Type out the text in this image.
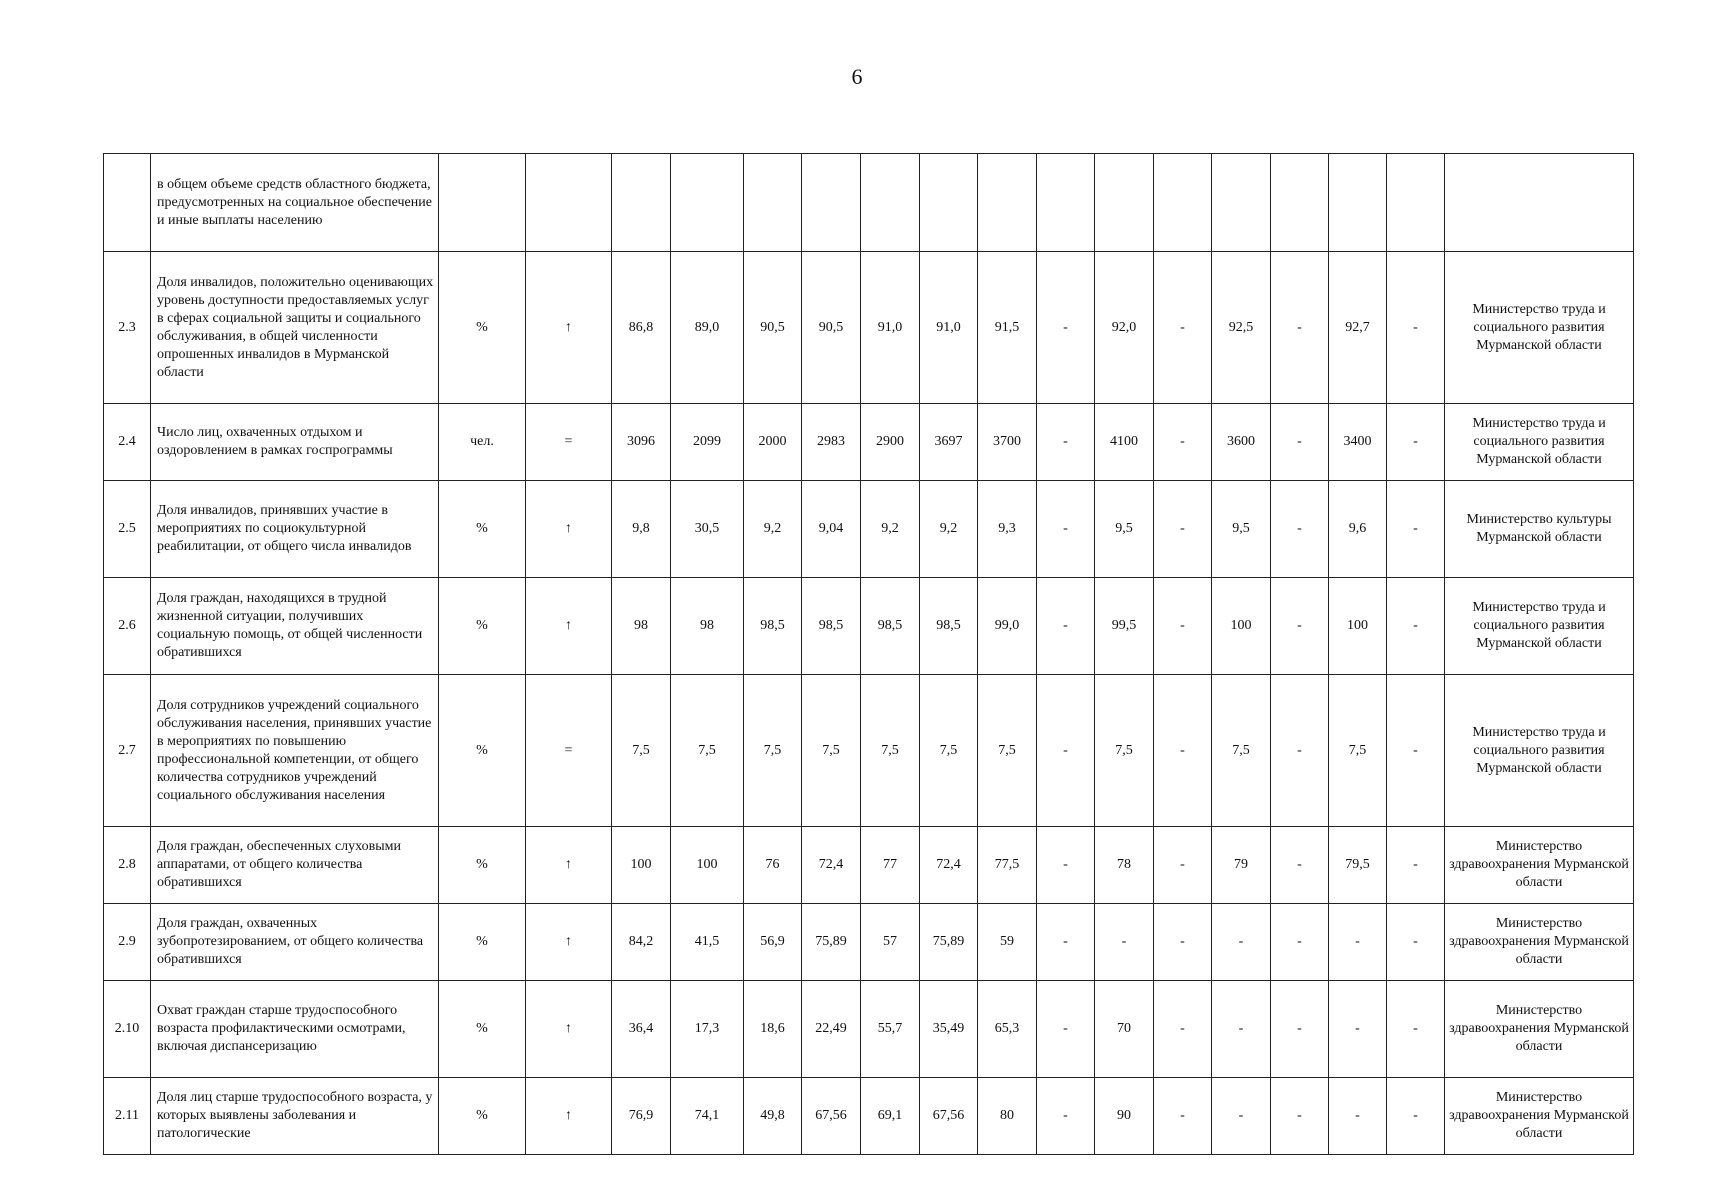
6
	в общем объеме средств областного бюджета, предусмотренных на социальное обеспечение и иные выплаты населению																	
2.3	Доля инвалидов, положительно оценивающих уровень доступности предоставляемых услуг в сферах социальной защиты и социального обслуживания, в общей численности опрошенных инвалидов в Мурманской области	%	↑	86,8	89,0	90,5	90,5	91,0	91,0	91,5	-	92,0	-	92,5	-	92,7	-	Министерство труда и социального развития Мурманской области
2.4	Число лиц, охваченных отдыхом и оздоровлением в рамках госпрограммы	чел.	=	3096	2099	2000	2983	2900	3697	3700	-	4100	-	3600	-	3400	-	Министерство труда и социального развития Мурманской области
2.5	Доля инвалидов, принявших участие в мероприятиях по социокультурной реабилитации, от общего числа инвалидов	%	↑	9,8	30,5	9,2	9,04	9,2	9,2	9,3	-	9,5	-	9,5	-	9,6	-	Министерство культуры Мурманской области
2.6	Доля граждан, находящихся в трудной жизненной ситуации, получивших социальную помощь, от общей численности обратившихся	%	↑	98	98	98,5	98,5	98,5	98,5	99,0	-	99,5	-	100	-	100	-	Министерство труда и социального развития Мурманской области
2.7	Доля сотрудников учреждений социального обслуживания населения, принявших участие в мероприятиях по повышению профессиональной компетенции, от общего количества сотрудников учреждений социального обслуживания населения	%	=	7,5	7,5	7,5	7,5	7,5	7,5	7,5	-	7,5	-	7,5	-	7,5	-	Министерство труда и социального развития Мурманской области
2.8	Доля граждан, обеспеченных слуховыми аппаратами, от общего количества обратившихся	%	↑	100	100	76	72,4	77	72,4	77,5	-	78	-	79	-	79,5	-	Министерство здравоохранения Мурманской области
2.9	Доля граждан, охваченных зубопротезированием, от общего количества обратившихся	%	↑	84,2	41,5	56,9	75,89	57	75,89	59	-	-	-	-	-	-	-	Министерство здравоохранения Мурманской области
2.10	Охват граждан старше трудоспособного возраста профилактическими осмотрами, включая диспансеризацию	%	↑	36,4	17,3	18,6	22,49	55,7	35,49	65,3	-	70	-	-	-	-	-	Министерство здравоохранения Мурманской области
2.11	Доля лиц старше трудоспособного возраста, у которых выявлены заболевания и патологические	%	↑	76,9	74,1	49,8	67,56	69,1	67,56	80	-	90	-	-	-	-	-	Министерство здравоохранения Мурманской области
